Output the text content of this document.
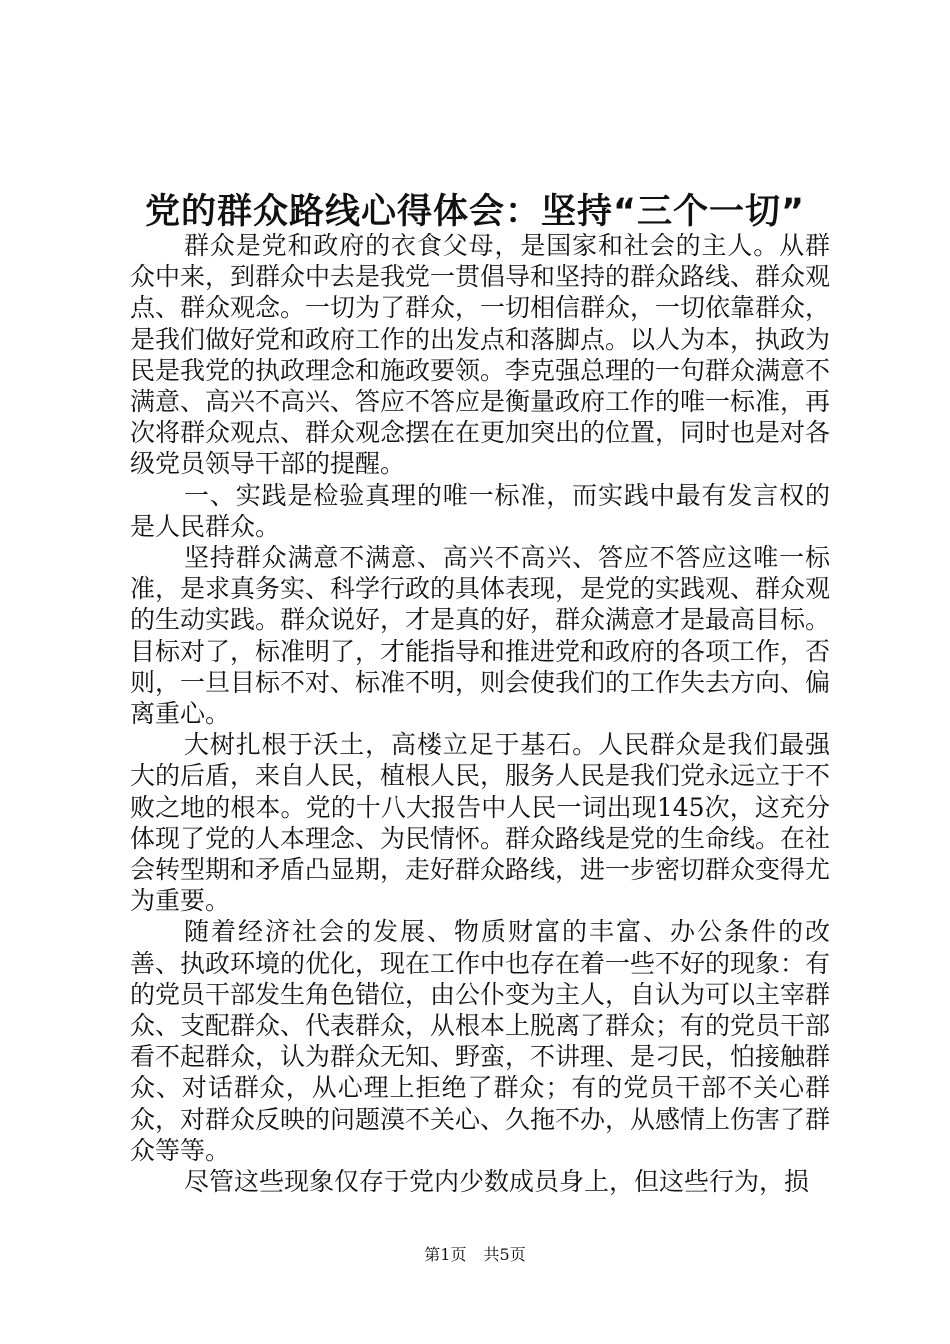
党的群众路线心得体会：坚持“三个一切”

群众是党和政府的衣食父母，是国家和社会的主人。从群众中来，到群众中去是我党一贯倡导和坚持的群众路线、群众观点、群众观念。一切为了群众，一切相信群众，一切依靠群众，是我们做好党和政府工作的出发点和落脚点。以人为本，执政为民是我党的执政理念和施政要领。李克强总理的一句群众满意不满意、高兴不高兴、答应不答应是衡量政府工作的唯一标准，再次将群众观点、群众观念摆在在更加突出的位置，同时也是对各级党员领导干部的提醒。

一、实践是检验真理的唯一标准，而实践中最有发言权的是人民群众。

坚持群众满意不满意、高兴不高兴、答应不答应这唯一标准，是求真务实、科学行政的具体表现，是党的实践观、群众观的生动实践。群众说好，才是真的好，群众满意才是最高目标。目标对了，标准明了，才能指导和推进党和政府的各项工作，否则，一旦目标不对、标准不明，则会使我们的工作失去方向、偏离重心。

大树扎根于沃土，高楼立足于基石。人民群众是我们最强大的后盾，来自人民，植根人民，服务人民是我们党永远立于不败之地的根本。党的十八大报告中人民一词出现145次，这充分体现了党的人本理念、为民情怀。群众路线是党的生命线。在社会转型期和矛盾凸显期，走好群众路线，进一步密切群众变得尤为重要。

随着经济社会的发展、物质财富的丰富、办公条件的改善、执政环境的优化，现在工作中也存在着一些不好的现象：有的党员干部发生角色错位，由公仆变为主人，自认为可以主宰群众、支配群众、代表群众，从根本上脱离了群众；有的党员干部看不起群众，认为群众无知、野蛮，不讲理、是刁民，怕接触群众、对话群众，从心理上拒绝了群众；有的党员干部不关心群众，对群众反映的问题漠不关心、久拖不办，从感情上伤害了群众等等。

尽管这些现象仅存于党内少数成员身上，但这些行为，损

第1页 共5页
